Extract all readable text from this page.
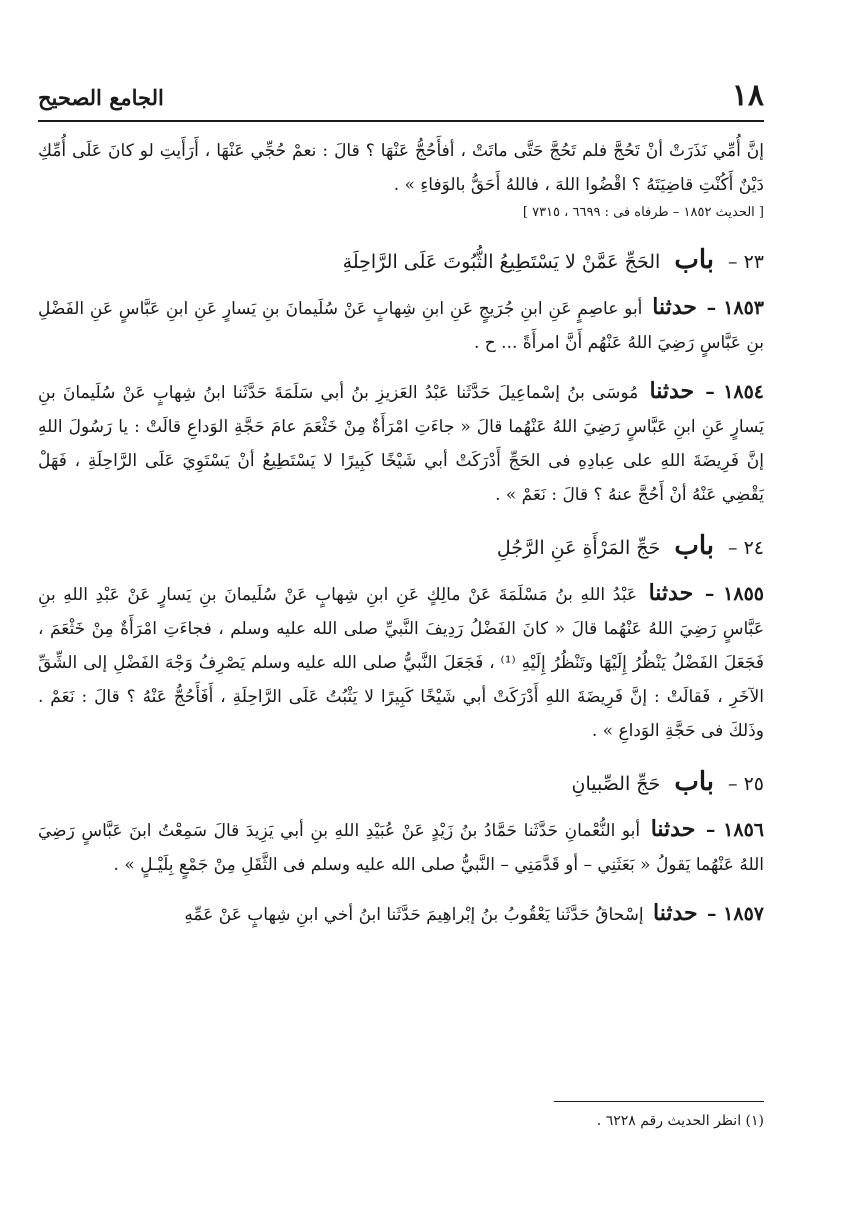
١٨
الجامع الصحيح

إنَّ أُمِّي نَذَرَتْ أنْ تَحُجَّ فلم تَحُجَّ حَتَّى ماتَتْ ، أفأَحُجُّ عَنْهَا ؟ قالَ : نعمْ حُجِّي عَنْهَا ، أَرَأَيتِ لو كانَ عَلَى أُمِّكِ دَيْنٌ أَكُنْتِ قاضِيَتَهُ ؟ اقْضُوا اللهَ ، فاللهُ أَحَقُّ بالوَفاءِ » .

[ الحديث ١٨٥٢ – طرفاه فى : ٦٦٩٩ ، ٧٣١٥ ]

٢٣ – باب الحَجِّ عَمَّنْ لا يَسْتَطِيعُ الثُّبُوتَ عَلَى الرَّاحِلَةِ

١٨٥٣ – حدثنا أبو عاصِمٍ عَنِ ابنِ جُرَيجٍ عَنِ ابنِ شِهابٍ عَنْ سُلَيمانَ بنِ يَسارٍ عَنِ ابنِ عَبَّاسٍ عَنِ الفَضْلِ بنِ عَبَّاسٍ رَضِيَ اللهُ عَنْهُم أَنَّ امرأَةً ... ح .

١٨٥٤ – حدثنا مُوسَى بنُ إسْماعِيلَ حَدَّثَنا عَبْدُ العَزيزِ بنُ أبي سَلَمَةَ حَدَّثَنا ابنُ شِهابٍ عَنْ سُلَيمانَ بنِ يَسارٍ عَنِ ابنِ عَبَّاسٍ رَضِيَ اللهُ عَنْهُما قالَ « جاءَتِ امْرَأَةٌ مِنْ خَثْعَمَ عامَ حَجَّةِ الوَداعِ قالَتْ : يا رَسُولَ اللهِ إنَّ فَرِيضَةَ اللهِ على عِبادِهِ فى الحَجِّ أَدْرَكَتْ أبي شَيْخًا كَبِيرًا لا يَسْتَطِيعُ أنْ يَسْتَوِيَ عَلَى الرَّاحِلَةِ ، فَهَلْ يَقْضِي عَنْهُ أنْ أَحُجَّ عنهُ ؟ قالَ : نَعَمْ » .

٢٤ – باب حَجِّ المَرْأَةِ عَنِ الرَّجُلِ

١٨٥٥ – حدثنا عَبْدُ اللهِ بنُ مَسْلَمَةَ عَنْ مالِكٍ عَنِ ابنِ شِهابٍ عَنْ سُلَيمانَ بنِ يَسارٍ عَنْ عَبْدِ اللهِ بنِ عَبَّاسٍ رَضِيَ اللهُ عَنْهُما قالَ « كانَ الفَضْلُ رَدِيفَ النَّبيِّ صلى الله عليه وسلم ، فجاءَتِ امْرَأَةٌ مِنْ خَثْعَمَ ، فَجَعَلَ الفَضْلُ يَنْظُرُ إِلَيْهَا وتَنْظُرُ إِلَيْهِ ⁽¹⁾ ، فَجَعَلَ النَّبيُّ صلى الله عليه وسلم يَصْرِفُ وَجْهَ الفَضْلِ إلى الشِّقِّ الآخَرِ ، فَقالَتْ : إنَّ فَرِيضَةَ اللهِ أَدْرَكَتْ أبي شَيْخًا كَبِيرًا لا يَثْبُتُ عَلَى الرَّاحِلَةِ ، أَفَأَحُجُّ عَنْهُ ؟ قالَ : نَعَمْ . وذَلكَ فى حَجَّةِ الوَداعِ » .

٢٥ – باب حَجِّ الصِّبيانِ

١٨٥٦ – حدثنا أبو النُّعْمانِ حَدَّثَنا حَمَّادُ بنُ زَيْدٍ عَنْ عُبَيْدِ اللهِ بنِ أبي يَزِيدَ قالَ سَمِعْتُ ابنَ عَبَّاسٍ رَضِيَ اللهُ عَنْهُما يَقولُ « بَعَثَنِي – أو قَدَّمَنِي – النَّبيُّ صلى الله عليه وسلم فى الثَّقَلِ مِنْ جَمْعٍ بِلَيْـلٍ » .

١٨٥٧ – حدثنا إسْحاقُ حَدَّثَنا يَعْقُوبُ بنُ إبْراهِيمَ حَدَّثَنا ابنُ أخي ابنِ شِهابٍ عَنْ عَمِّهِ

(١) انظر الحديث رقم ٦٢٢٨ .
